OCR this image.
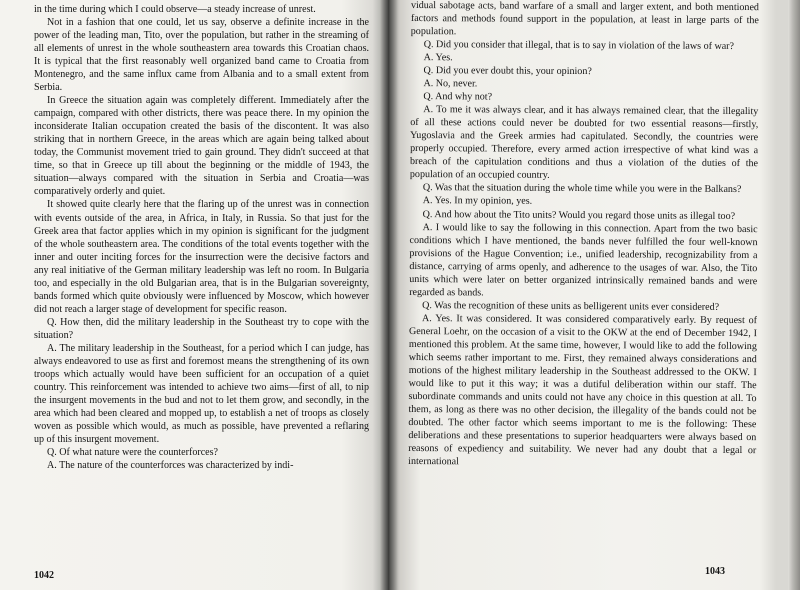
in the time during which I could observe—a steady increase of unrest.

Not in a fashion that one could, let us say, observe a definite increase in the power of the leading man, Tito, over the population, but rather in the streaming of all elements of unrest in the whole southeastern area towards this Croatian chaos. It is typical that the first reasonably well organized band came to Croatia from Montenegro, and the same influx came from Albania and to a small extent from Serbia.

In Greece the situation again was completely different. Immediately after the campaign, compared with other districts, there was peace there. In my opinion the inconsiderate Italian occupation created the basis of the discontent. It was also striking that in northern Greece, in the areas which are again being talked about today, the Communist movement tried to gain ground. They didn't succeed at that time, so that in Greece up till about the beginning or the middle of 1943, the situation—always compared with the situation in Serbia and Croatia—was comparatively orderly and quiet.

It showed quite clearly here that the flaring up of the unrest was in connection with events outside of the area, in Africa, in Italy, in Russia. So that just for the Greek area that factor applies which in my opinion is significant for the judgment of the whole southeastern area. The conditions of the total events together with the inner and outer inciting forces for the insurrection were the decisive factors and any real initiative of the German military leadership was left no room. In Bulgaria too, and especially in the old Bulgarian area, that is in the Bulgarian sovereignty, bands formed which quite obviously were influenced by Moscow, which however did not reach a larger stage of development for specific reason.

Q. How then, did the military leadership in the Southeast try to cope with the situation?

A. The military leadership in the Southeast, for a period which I can judge, has always endeavored to use as first and foremost means the strengthening of its own troops which actually would have been sufficient for an occupation of a quiet country. This reinforcement was intended to achieve two aims—first of all, to nip the insurgent movements in the bud and not to let them grow, and secondly, in the area which had been cleared and mopped up, to establish a net of troops as closely woven as possible which would, as much as possible, have prevented a reflaring up of this insurgent movement.

Q. Of what nature were the counterforces?

A. The nature of the counterforces was characterized by indi-

1042

vidual sabotage acts, band warfare of a small and larger extent, and both mentioned factors and methods found support in the population, at least in large parts of the population.

Q. Did you consider that illegal, that is to say in violation of the laws of war?

A. Yes.

Q. Did you ever doubt this, your opinion?

A. No, never.

Q. And why not?

A. To me it was always clear, and it has always remained clear, that the illegality of all these actions could never be doubted for two essential reasons—firstly, Yugoslavia and the Greek armies had capitulated. Secondly, the countries were properly occupied. Therefore, every armed action irrespective of what kind was a breach of the capitulation conditions and thus a violation of the duties of the population of an occupied country.

Q. Was that the situation during the whole time while you were in the Balkans?

A. Yes. In my opinion, yes.

Q. And how about the Tito units? Would you regard those units as illegal too?

A. I would like to say the following in this connection. Apart from the two basic conditions which I have mentioned, the bands never fulfilled the four well-known provisions of the Hague Convention; i.e., unified leadership, recognizability from a distance, carrying of arms openly, and adherence to the usages of war. Also, the Tito units which were later on better organized intrinsically remained bands and were regarded as bands.

Q. Was the recognition of these units as belligerent units ever considered?

A. Yes. It was considered. It was considered comparatively early. By request of General Loehr, on the occasion of a visit to the OKW at the end of December 1942, I mentioned this problem. At the same time, however, I would like to add the following which seems rather important to me. First, they remained always considerations and motions of the highest military leadership in the Southeast addressed to the OKW. I would like to put it this way; it was a dutiful deliberation within our staff. The subordinate commands and units could not have any choice in this question at all. To them, as long as there was no other decision, the illegality of the bands could not be doubted. The other factor which seems important to me is the following: These deliberations and these presentations to superior headquarters were always based on reasons of expediency and suitability. We never had any doubt that a legal or international

1043
